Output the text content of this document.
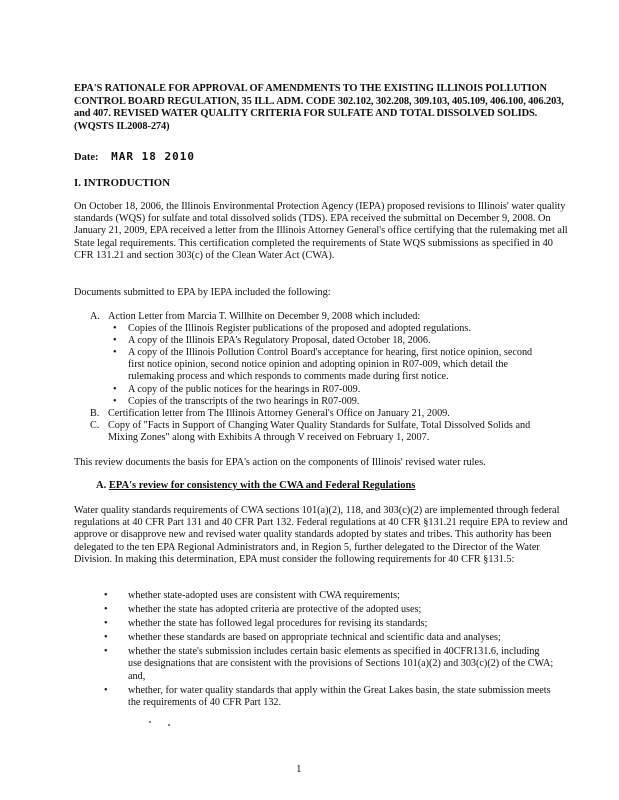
EPA'S RATIONALE FOR APPROVAL OF AMENDMENTS TO THE EXISTING ILLINOIS POLLUTION CONTROL BOARD REGULATION, 35 ILL. ADM. CODE 302.102, 302.208, 309.103, 405.109, 406.100, 406.203, and 407. REVISED WATER QUALITY CRITERIA FOR SULFATE AND TOTAL DISSOLVED SOLIDS. (WQSTS IL2008-274)
Date: MAR 18 2010
I. INTRODUCTION
On October 18, 2006, the Illinois Environmental Protection Agency (IEPA) proposed revisions to Illinois' water quality standards (WQS) for sulfate and total dissolved solids (TDS). EPA received the submittal on December 9, 2008. On January 21, 2009, EPA received a letter from the Illinois Attorney General's office certifying that the rulemaking met all State legal requirements. This certification completed the requirements of State WQS submissions as specified in 40 CFR 131.21 and section 303(c) of the Clean Water Act (CWA).
Documents submitted to EPA by IEPA included the following:
A. Action Letter from Marcia T. Willhite on December 9, 2008 which included:
• Copies of the Illinois Register publications of the proposed and adopted regulations.
• A copy of the Illinois EPA's Regulatory Proposal, dated October 18, 2006.
• A copy of the Illinois Pollution Control Board's acceptance for hearing, first notice opinion, second first notice opinion, second notice opinion and adopting opinion in R07-009, which detail the rulemaking process and which responds to comments made during first notice.
• A copy of the public notices for the hearings in R07-009.
• Copies of the transcripts of the two hearings in R07-009.
B. Certification letter from The Illinois Attorney General's Office on January 21, 2009.
C. Copy of "Facts in Support of Changing Water Quality Standards for Sulfate, Total Dissolved Solids and Mixing Zones" along with Exhibits A through V received on February 1, 2007.
This review documents the basis for EPA's action on the components of Illinois' revised water rules.
A. EPA's review for consistency with the CWA and Federal Regulations
Water quality standards requirements of CWA sections 101(a)(2), 118, and 303(c)(2) are implemented through federal regulations at 40 CFR Part 131 and 40 CFR Part 132. Federal regulations at 40 CFR §131.21 require EPA to review and approve or disapprove new and revised water quality standards adopted by states and tribes. This authority has been delegated to the ten EPA Regional Administrators and, in Region 5, further delegated to the Director of the Water Division. In making this determination, EPA must consider the following requirements for 40 CFR §131.5:
• whether state-adopted uses are consistent with CWA requirements;
• whether the state has adopted criteria are protective of the adopted uses;
• whether the state has followed legal procedures for revising its standards;
• whether these standards are based on appropriate technical and scientific data and analyses;
• whether the state's submission includes certain basic elements as specified in 40CFR131.6, including use designations that are consistent with the provisions of Sections 101(a)(2) and 303(c)(2) of the CWA; and,
• whether, for water quality standards that apply within the Great Lakes basin, the state submission meets the requirements of 40 CFR Part 132.
1
